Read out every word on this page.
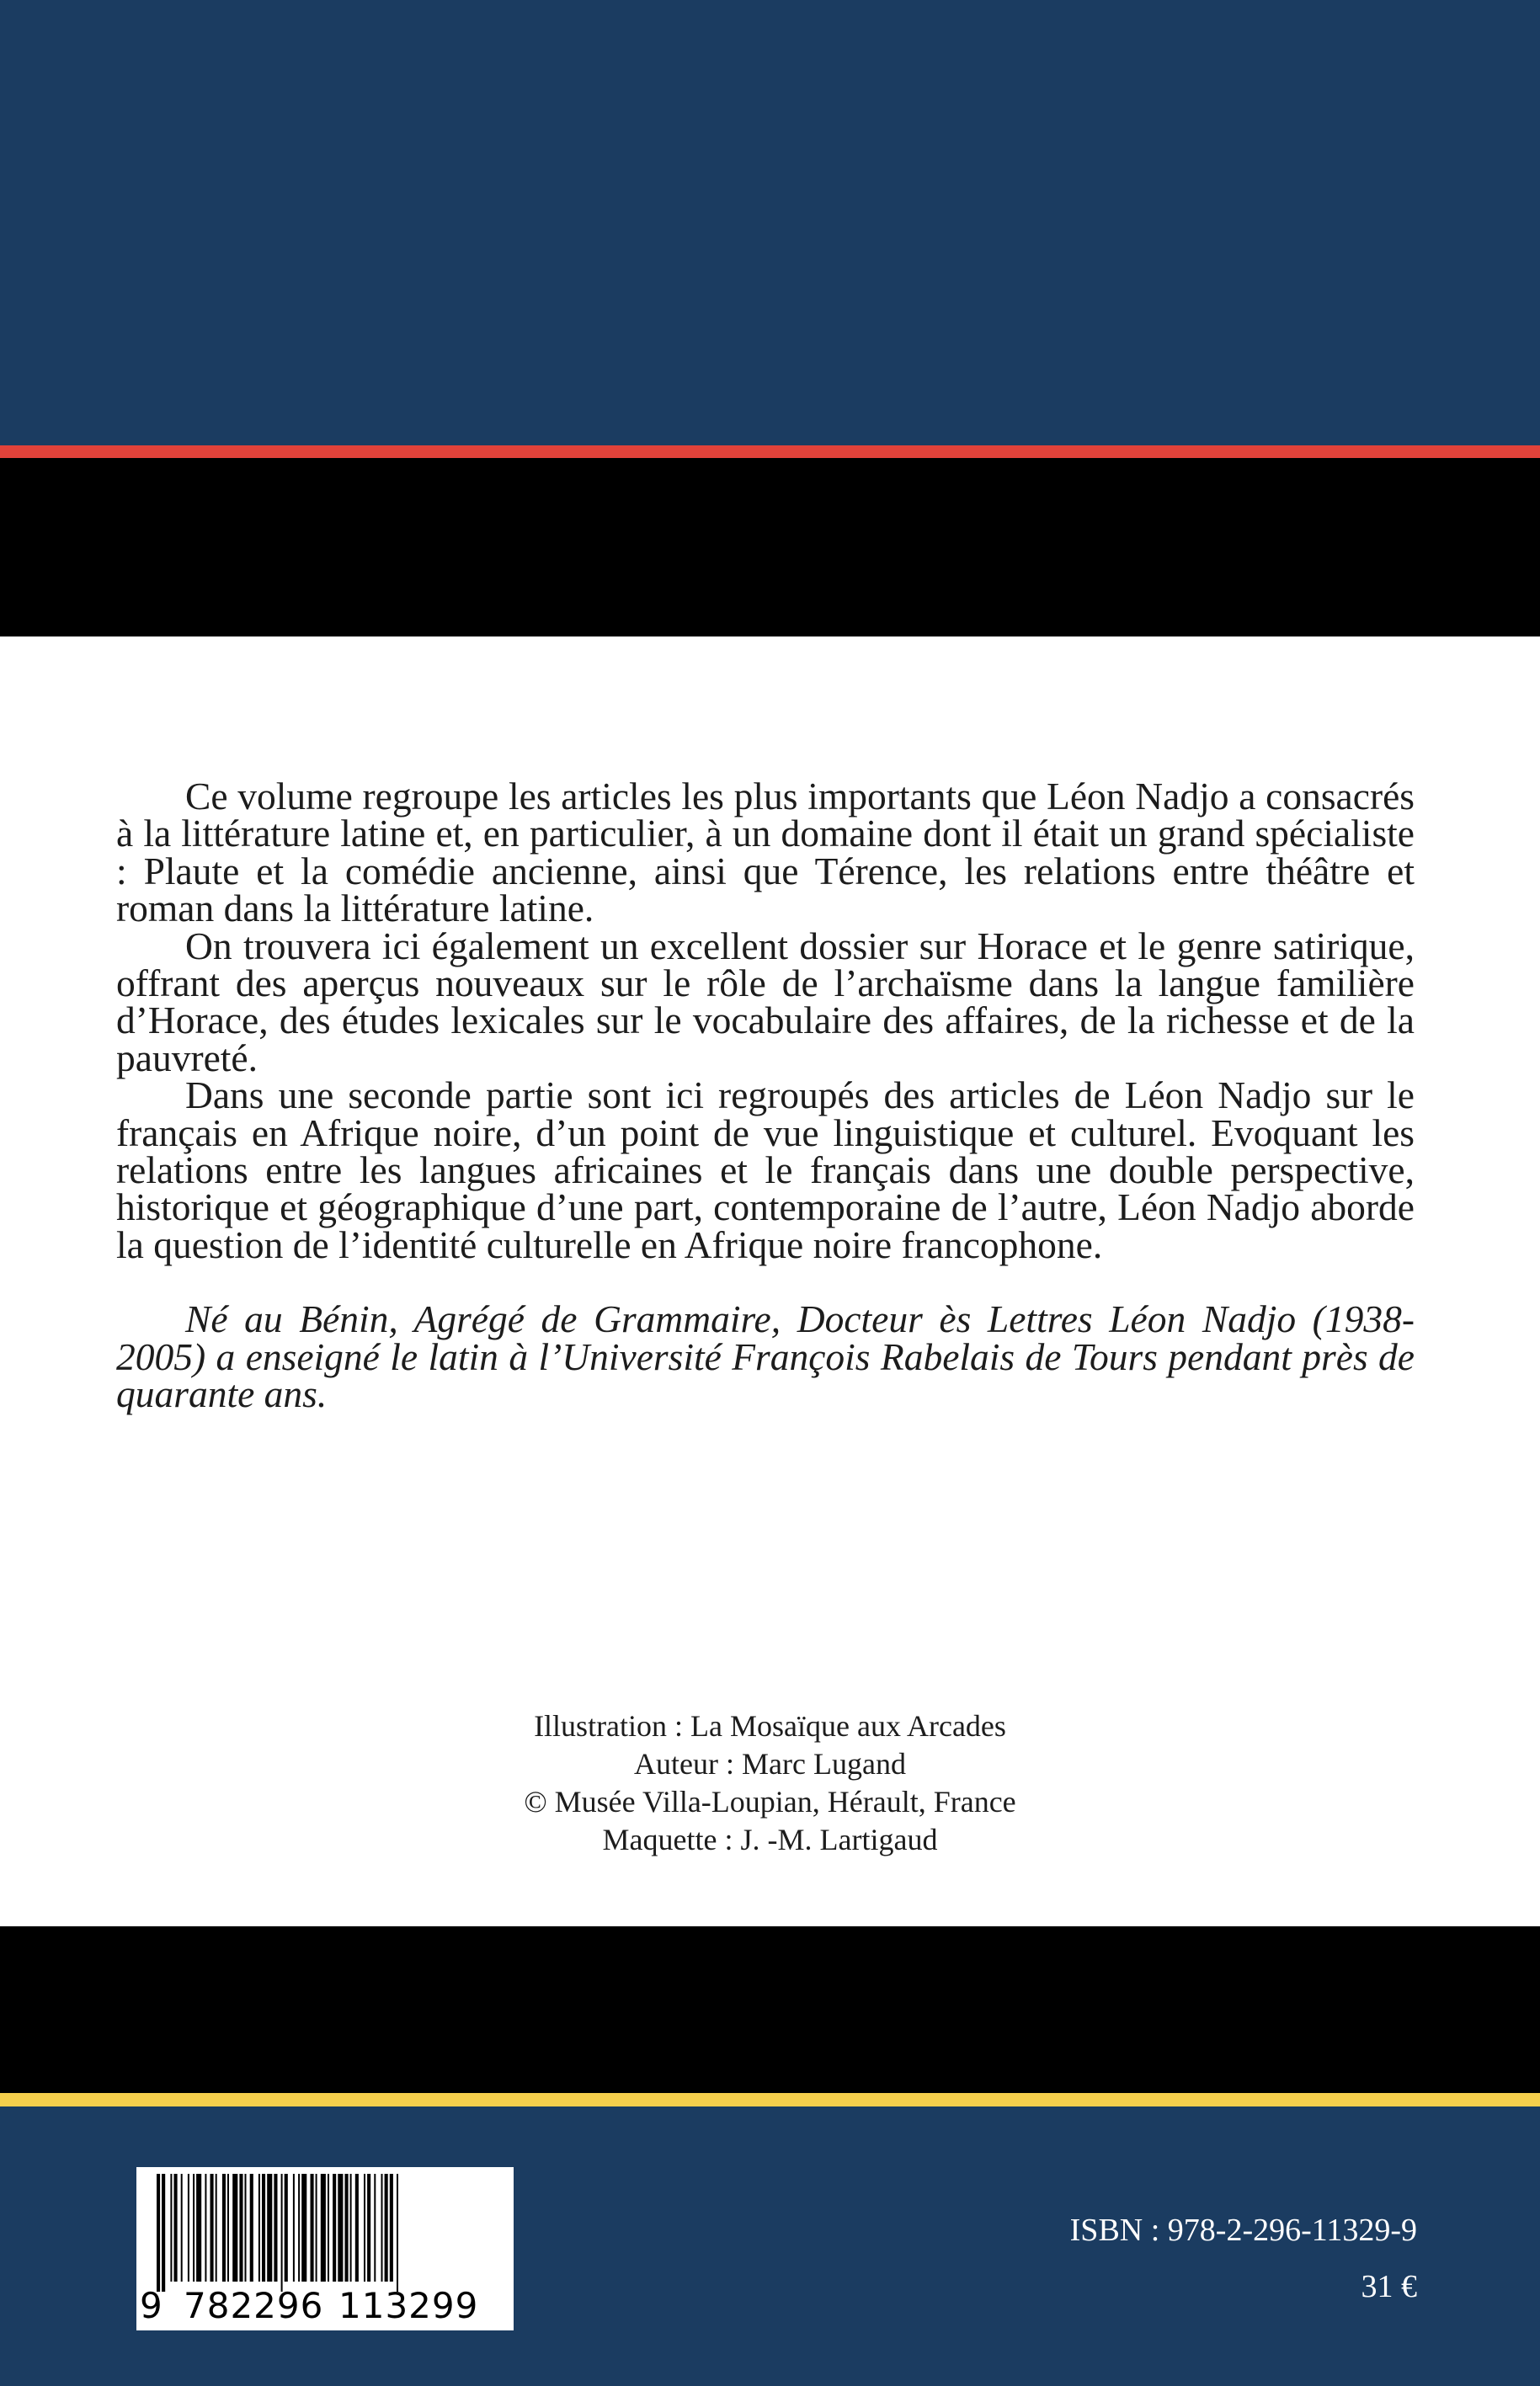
Ce volume regroupe les articles les plus importants que Léon Nadjo a consacrés à la littérature latine et, en particulier, à un domaine dont il était un grand spécialiste : Plaute et la comédie ancienne, ainsi que Térence, les relations entre théâtre et roman dans la littérature latine.

On trouvera ici également un excellent dossier sur Horace et le genre satirique, offrant des aperçus nouveaux sur le rôle de l’archaïsme dans la langue familière d’Horace, des études lexicales sur le vocabulaire des affaires, de la richesse et de la pauvreté.

Dans une seconde partie sont ici regroupés des articles de Léon Nadjo sur le français en Afrique noire, d’un point de vue linguistique et culturel. Evoquant les relations entre les langues africaines et le français dans une double perspective, historique et géographique d’une part, contemporaine de l’autre, Léon Nadjo aborde la question de l’identité culturelle en Afrique noire francophone.

Né au Bénin, Agrégé de Grammaire, Docteur ès Lettres Léon Nadjo (1938-2005) a enseigné le latin à l’Université François Rabelais de Tours pendant près de quarante ans.

Illustration : La Mosaïque aux Arcades
Auteur : Marc Lugand
© Musée Villa-Loupian, Hérault, France
Maquette : J. -M. Lartigaud
9 782296 113299
ISBN : 978-2-296-11329-9
31 €
